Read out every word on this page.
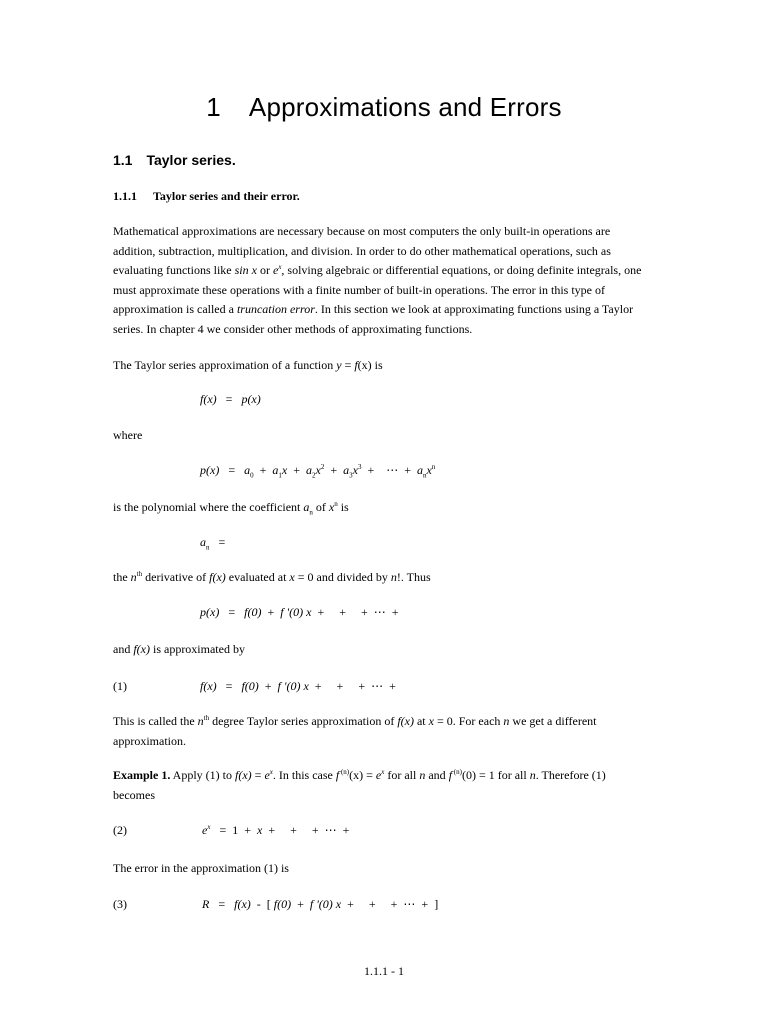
1 Approximations and Errors
1.1 Taylor series.
1.1.1 Taylor series and their error.
Mathematical approximations are necessary because on most computers the only built-in operations are
addition, subtraction, multiplication, and division. In order to do other mathematical operations, such as
evaluating functions like sin x or $e^x$, solving algebraic or differential equations, or doing definite integrals, one
must approximate these operations with a finite number of built-in operations. The error in this type of
approximation is called a truncation error. In this section we look at approximating functions using a Taylor
series. In chapter 4 we consider other methods of approximating functions.
The Taylor series approximation of a function y = f(x) is
f(x) = p(x)
where
$p(x) = a_0 + a_1x + a_2x^2 + a_3x^3$ + ⋯ + $a_nx^n$
is the polynomial where the coefficient $a_n$ of $x^n$ is
$a_n$ =
the $n^{th}$ derivative of f(x) evaluated at x = 0 and divided by n!. Thus
p(x) = f(0) + f '(0) x +     +     +  ⋯  +
and f(x) is approximated by
(1)	f(x) = f(0) + f '(0) x +     +     +  ⋯  +
This is called the $n^{th}$ degree Taylor series approximation of f(x) at x = 0. For each n we get a different
approximation.
Example 1. Apply (1) to $f(x) = e^x$. In this case f $^{(n)}(x) = e^x$ for all n and f $^{(n)}$(0) = 1 for all n. Therefore (1)
becomes
(2)	$e^x = 1 + x$ +     +     +  ⋯  +
The error in the approximation (1) is
(3)	R = f(x) - [ f(0) + f '(0) x +     +     +  ⋯  + ]
1.1.1 - 1
